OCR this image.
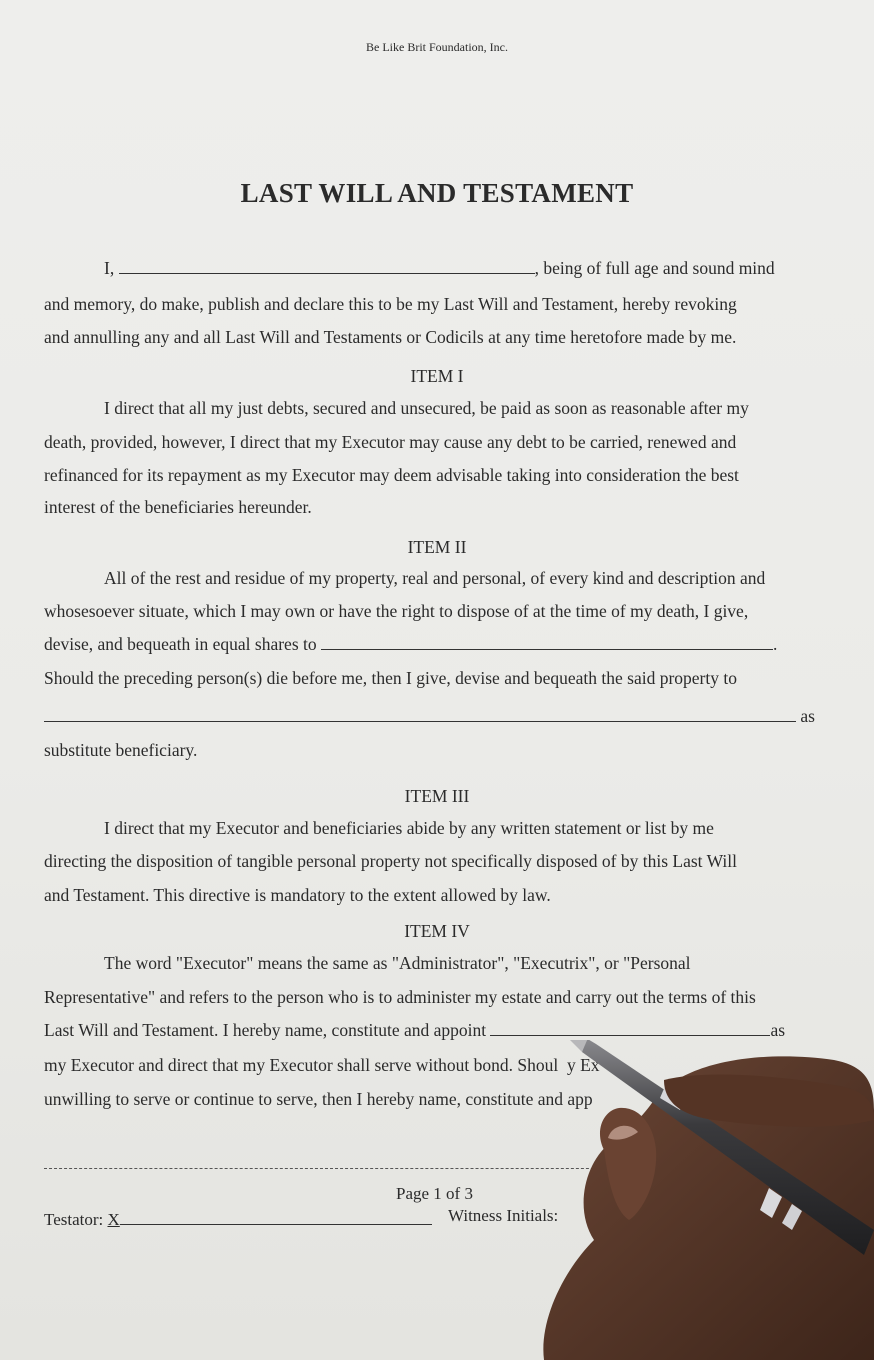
Be Like Brit Foundation, Inc.
LAST WILL AND TESTAMENT
I,	, being of full age and sound mind
and memory, do make, publish and declare this to be my Last Will and Testament, hereby revoking
and annulling any and all Last Will and Testaments or Codicils at any time heretofore made by me.
ITEM I
I direct that all my just debts, secured and unsecured, be paid as soon as reasonable after my
death, provided, however, I direct that my Executor may cause any debt to be carried, renewed and
refinanced for its repayment as my Executor may deem advisable taking into consideration the best
interest of the beneficiaries hereunder.
ITEM II
All of the rest and residue of my property, real and personal, of every kind and description and
whosesoever situate, which I may own or have the right to dispose of at the time of my death, I give,
devise, and bequeath in equal shares to	.
Should the preceding person(s) die before me, then I give, devise and bequeath the said property to
as
substitute beneficiary.
ITEM III
I direct that my Executor and beneficiaries abide by any written statement or list by me
directing the disposition of tangible personal property not specifically disposed of by this Last Will
and Testament. This directive is mandatory to the extent allowed by law.
ITEM IV
The word "Executor" means the same as "Administrator", "Executrix", or "Personal
Representative" and refers to the person who is to administer my estate and carry out the terms of this
Last Will and Testament. I hereby name, constitute and appoint	as
my Executor and direct that my Executor shall serve without bond. Shoul y Ex
unwilling to serve or continue to serve, then I hereby name, constitute and app
Page 1 of 3
Testator: X	Witness Initials:
